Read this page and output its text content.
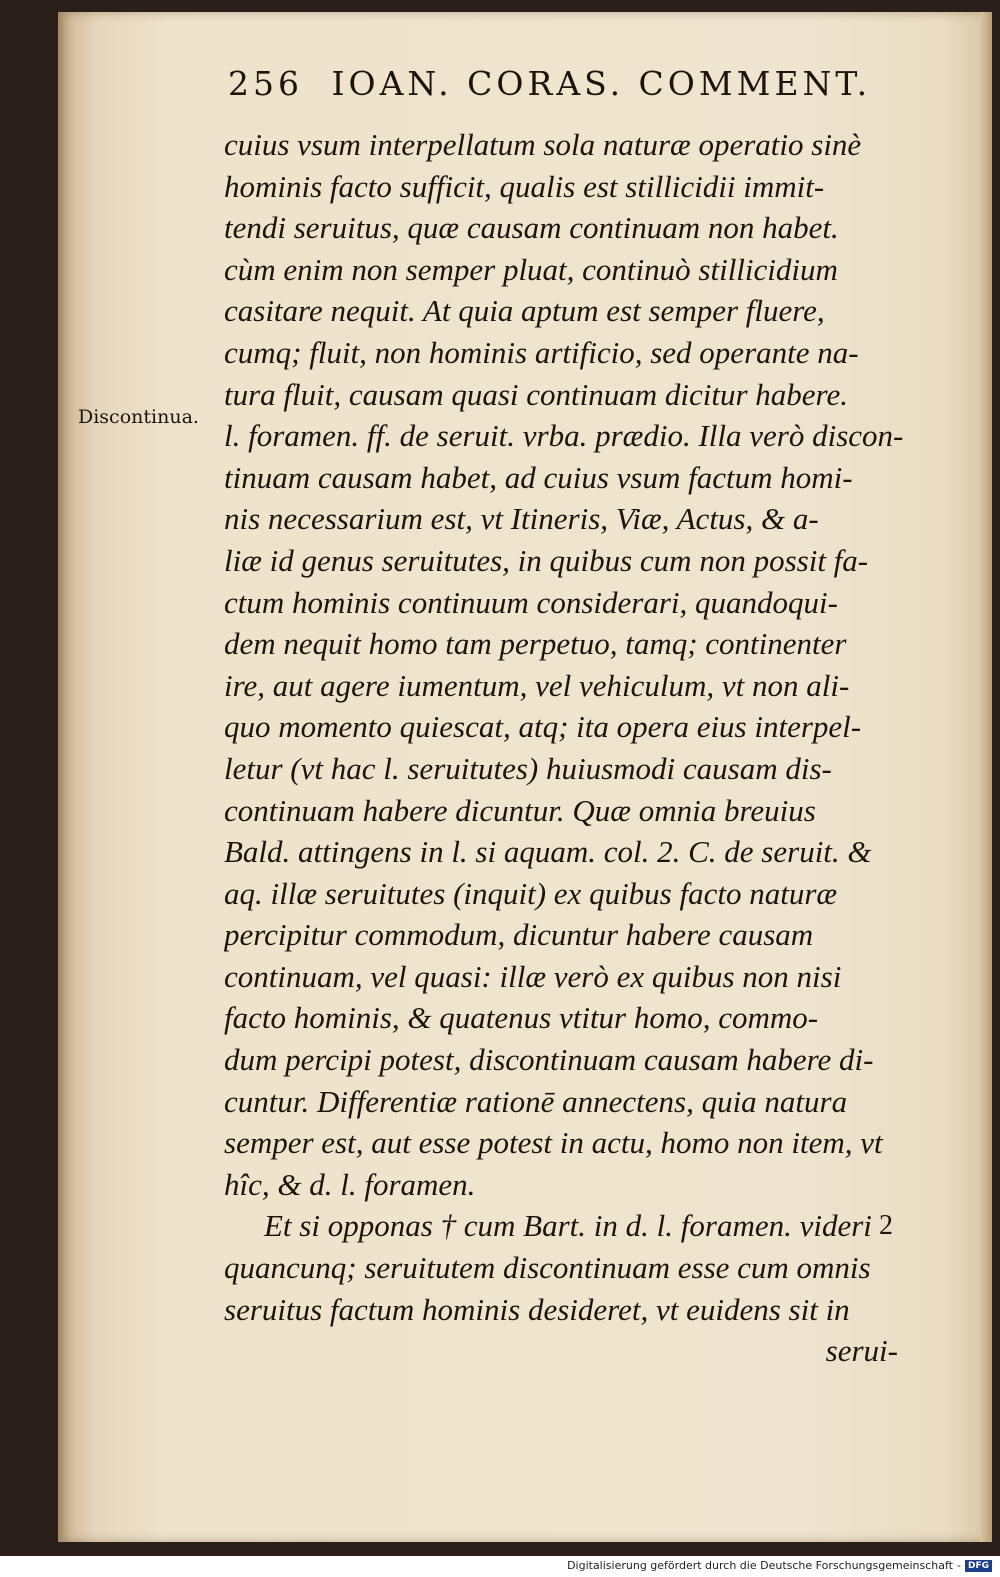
256 IOAN. CORAS. COMMENT.
Discontinua.
cuius vsum interpellatum sola naturæ operatio sinè
hominis facto sufficit, qualis est stillicidii immit-
tendi seruitus, quæ causam continuam non habet.
cùm enim non semper pluat, continuò stillicidium
casitare nequit. At quia aptum est semper fluere,
cumq; fluit, non hominis artificio, sed operante na-
tura fluit, causam quasi continuam dicitur habere.
l. foramen. ff. de seruit. vrba. prædio. Illa verò discon-
tinuam causam habet, ad cuius vsum factum homi-
nis necessarium est, vt Itineris, Viæ, Actus, & a-
liæ id genus seruitutes, in quibus cum non possit fa-
ctum hominis continuum considerari, quandoqui-
dem nequit homo tam perpetuo, tamq; continenter
ire, aut agere iumentum, vel vehiculum, vt non ali-
quo momento quiescat, atq; ita opera eius interpel-
letur (vt hac l. seruitutes) huiusmodi causam dis-
continuam habere dicuntur. Quæ omnia breuius
Bald. attingens in l. si aquam. col. 2. C. de seruit. &
aq. illæ seruitutes (inquit) ex quibus facto naturæ
percipitur commodum, dicuntur habere causam
continuam, vel quasi: illæ verò ex quibus non nisi
facto hominis, & quatenus vtitur homo, commo-
dum percipi potest, discontinuam causam habere di-
cuntur. Differentiæ rationē annectens, quia natura
semper est, aut esse potest in actu, homo non item, vt
hîc, & d. l. foramen.
Et si opponas † cum Bart. in d. l. foramen. videri
quancunq; seruitutem discontinuam esse cum omnis
seruitus factum hominis desideret, vt euidens sit in
serui-
2
Digitalisierung gefördert durch die Deutsche Forschungsgemeinschaft - DFG
